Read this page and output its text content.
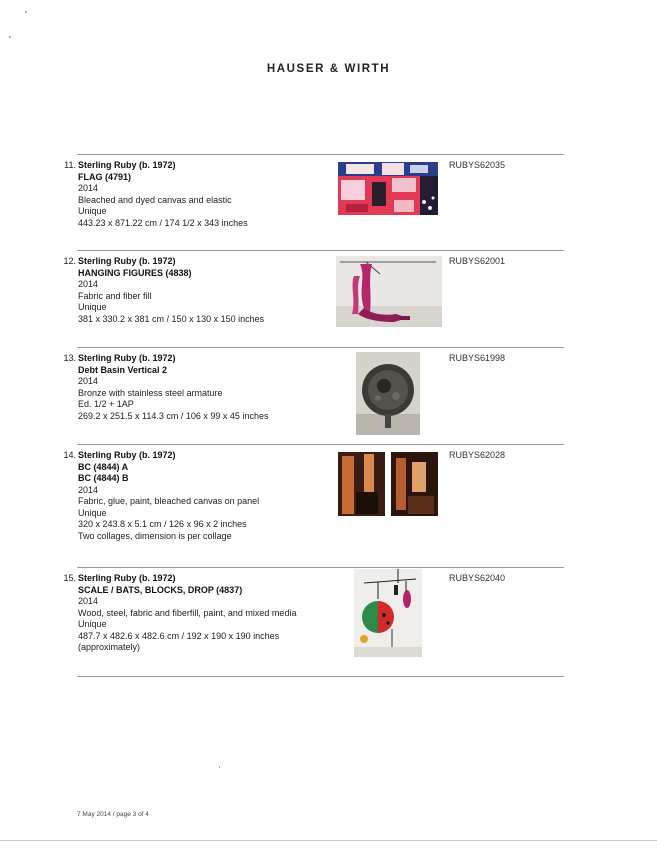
HAUSER & WIRTH
11. Sterling Ruby (b. 1972)
FLAG (4791)
2014
Bleached and dyed canvas and elastic
Unique
443.23 x 871.22 cm / 174 1/2 x 343 inches
RUBYS62035
12. Sterling Ruby (b. 1972)
HANGING FIGURES (4838)
2014
Fabric and fiber fill
Unique
381 x 330.2 x 381 cm / 150 x 130 x 150 inches
RUBYS62001
13. Sterling Ruby (b. 1972)
Debt Basin Vertical 2
2014
Bronze with stainless steel armature
Ed. 1/2 + 1AP
269.2 x 251.5 x 114.3 cm / 106 x 99 x 45 inches
RUBYS61998
14. Sterling Ruby (b. 1972)
BC (4844) A
BC (4844) B
2014
Fabric, glue, paint, bleached canvas on panel
Unique
320 x 243.8 x 5.1 cm / 126 x 96 x 2 inches
Two collages, dimension is per collage
RUBYS62028
15. Sterling Ruby (b. 1972)
SCALE / BATS, BLOCKS, DROP (4837)
2014
Wood, steel, fabric and fiberfill, paint, and mixed media
Unique
487.7 x 482.6 x 482.6 cm / 192 x 190 x 190 inches
(approximately)
RUBYS62040
7 May 2014 / page 3 of 4
